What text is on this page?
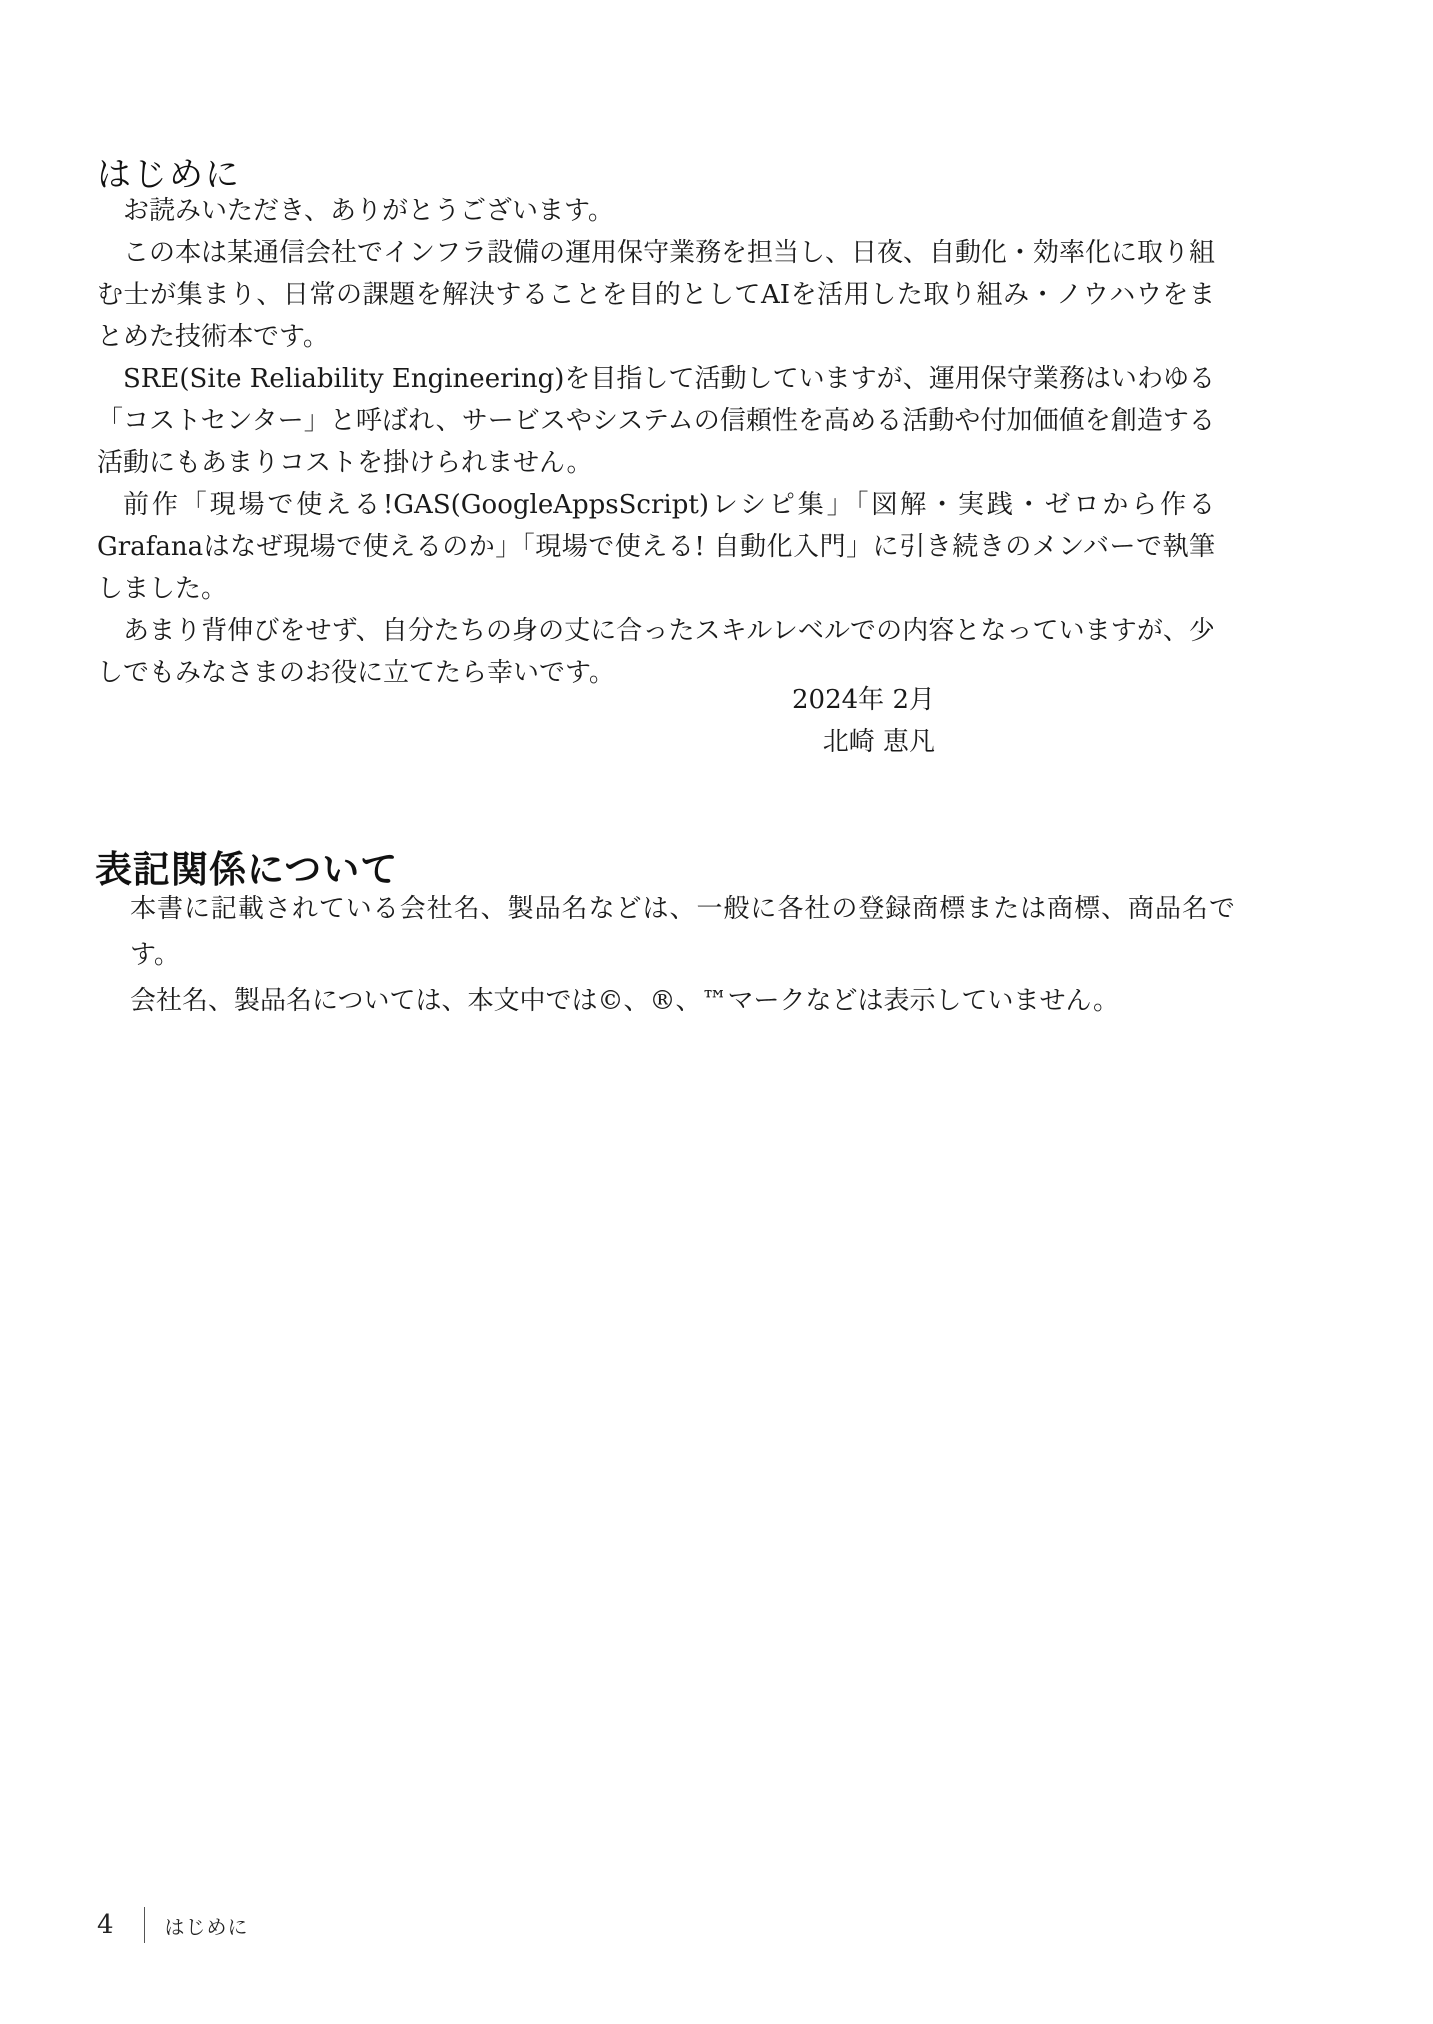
はじめに

お読みいただき、ありがとうございます。

この本は某通信会社でインフラ設備の運用保守業務を担当し、日夜、自動化・効率化に取り組む士が集まり、日常の課題を解決することを目的としてAIを活用した取り組み・ノウハウをまとめた技術本です。

SRE(Site Reliability Engineering)を目指して活動していますが、運用保守業務はいわゆる「コストセンター」と呼ばれ、サービスやシステムの信頼性を高める活動や付加価値を創造する活動にもあまりコストを掛けられません。

前作「現場で使える!GAS(GoogleAppsScript)レシピ集」「図解・実践・ゼロから作る Grafanaはなぜ現場で使えるのか」「現場で使える! 自動化入門」に引き続きのメンバーで執筆しました。

あまり背伸びをせず、自分たちの身の丈に合ったスキルレベルでの内容となっていますが、少しでもみなさまのお役に立てたら幸いです。

2024年 2月
北崎 恵凡
表記関係について

本書に記載されている会社名、製品名などは、一般に各社の登録商標または商標、商品名です。

会社名、製品名については、本文中では©、®、™マークなどは表示していません。

4	はじめに
